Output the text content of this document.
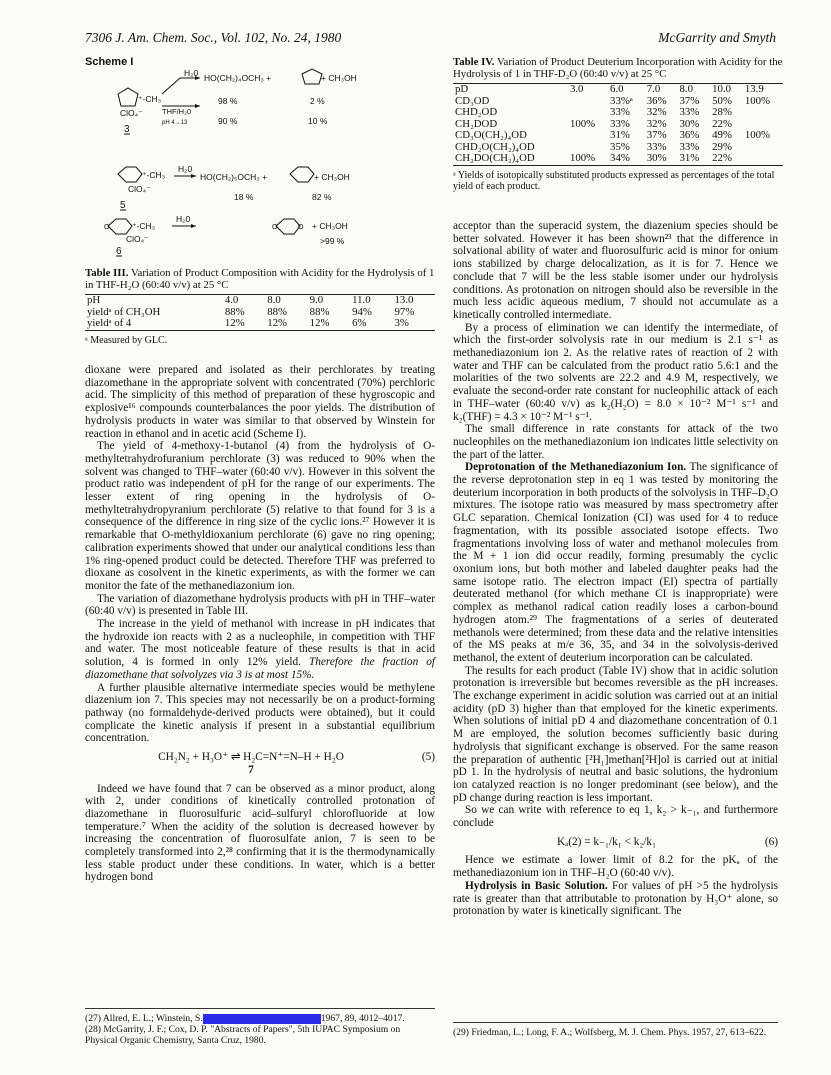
7306 J. Am. Chem. Soc., Vol. 102, No. 24, 1980	McGarrity and Smyth
Scheme I
⁺-CH₃
ClO₄⁻
3
H₂0 HO(CH₂)₄OCH₃ +	+ CH₃OH
THF/H₂0
pH 4→13
98 %	2 %
90 %	10 %
⁺-CH₃
ClO₄⁻
5
H₂0
HO(CH₂)₅OCH₃ +	+ CH₃OH
18 %	82 %
O	⁺-CH₃
ClO₄⁻
6
H₂0
O	O + CH₃OH
>99 %
Table III. Variation of Product Composition with Acidity for the Hydrolysis of 1 in THF-H₂O (60:40 v/v) at 25 °C
pH	4.0	8.0	9.0	11.0	13.0
yieldᵃ of CH₃OH	88%	88%	88%	94%	97%
yieldᵃ of 4	12%	12%	12%	6%	3%
ᵃ Measured by GLC.
Table IV. Variation of Product Deuterium Incorporation with Acidity for the Hydrolysis of 1 in THF-D₂O (60:40 v/v) at 25 °C
pD	3.0	6.0	7.0	8.0	10.0	13.9
CD₃OD		33%ᵃ	36%	37%	50%	100%
CHD₂OD		33%	32%	33%	28%	
CH₂DOD	100%	33%	32%	30%	22%	
CD₃O(CH₂)₄OD		31%	37%	36%	49%	100%
CHD₂O(CH₂)₄OD		35%	33%	33%	29%	
CH₂DO(CH₂)₄OD	100%	34%	30%	31%	22%	
ᵃ Yields of isotopically substituted products expressed as percentages of the total yield of each product.

dioxane were prepared and isolated as their perchlorates by treating diazomethane in the appropriate solvent with concentrated (70%) perchloric acid. The simplicity of this method of preparation of these hygroscopic and explosive¹⁶ compounds counterbalances the poor yields. The distribution of hydrolysis products in water was similar to that observed by Winstein for reaction in ethanol and in acetic acid (Scheme I).

The yield of 4-methoxy-1-butanol (4) from the hydrolysis of O-methyltetrahydrofuranium perchlorate (3) was reduced to 90% when the solvent was changed to THF–water (60:40 v/v). However in this solvent the product ratio was independent of pH for the range of our experiments. The lesser extent of ring opening in the hydrolysis of O-methyltetrahydropyranium perchlorate (5) relative to that found for 3 is a consequence of the difference in ring size of the cyclic ions.²⁷ However it is remarkable that O-methyldioxanium perchlorate (6) gave no ring opening; calibration experiments showed that under our analytical conditions less than 1% ring-opened product could be detected. Therefore THF was preferred to dioxane as cosolvent in the kinetic experiments, as with the former we can monitor the fate of the methanediazonium ion.

The variation of diazomethane hydrolysis products with pH in THF–water (60:40 v/v) is presented in Table III.

The increase in the yield of methanol with increase in pH indicates that the hydroxide ion reacts with 2 as a nucleophile, in competition with THF and water. The most noticeable feature of these results is that in acid solution, 4 is formed in only 12% yield. Therefore the fraction of diazomethane that solvolyzes via 3 is at most 15%.

A further plausible alternative intermediate species would be methylene diazenium ion 7. This species may not necessarily be on a product-forming pathway (no formaldehyde-derived products were obtained), but it could complicate the kinetic analysis if present in a substantial equilibrium concentration.

CH₂N₂ + H₃O⁺ ⇌ H₂C=N⁺=N–H + H₂O
7
(5)

Indeed we have found that 7 can be observed as a minor product, along with 2, under conditions of kinetically controlled protonation of diazomethane in fluorosulfuric acid–sulfuryl chlorofluoride at low temperature.⁷ When the acidity of the solution is decreased however by increasing the concentration of fluorosulfate anion, 7 is seen to be completely transformed into 2,²⁸ confirming that it is the thermodynamically less stable product under these conditions. In water, which is a better hydrogen bond

acceptor than the superacid system, the diazenium species should be better solvated. However it has been shown²³ that the difference in solvational ability of water and fluorosulfuric acid is minor for onium ions stabilized by charge delocalization, as it is for 7. Hence we conclude that 7 will be the less stable isomer under our hydrolysis conditions. As protonation on nitrogen should also be reversible in the much less acidic aqueous medium, 7 should not accumulate as a kinetically controlled intermediate.

By a process of elimination we can identify the intermediate, of which the first-order solvolysis rate in our medium is 2.1 s⁻¹ as methanediazonium ion 2. As the relative rates of reaction of 2 with water and THF can be calculated from the product ratio 5.6:1 and the molarities of the two solvents are 22.2 and 4.9 M, respectively, we evaluate the second-order rate constant for nucleophilic attack of each in THF–water (60:40 v/v) as k₂(H₂O) = 8.0 × 10⁻² M⁻¹ s⁻¹ and k₂(THF) = 4.3 × 10⁻² M⁻¹ s⁻¹.

The small difference in rate constants for attack of the two nucleophiles on the methanediazonium ion indicates little selectivity on the part of the latter.

Deprotonation of the Methanediazonium Ion. The significance of the reverse deprotonation step in eq 1 was tested by monitoring the deuterium incorporation in both products of the solvolysis in THF–D₂O mixtures. The isotope ratio was measured by mass spectrometry after GLC separation. Chemical Ionization (CI) was used for 4 to reduce fragmentation, with its possible associated isotope effects. Two fragmentations involving loss of water and methanol molecules from the M + 1 ion did occur readily, forming presumably the cyclic oxonium ions, but both mother and labeled daughter peaks had the same isotope ratio. The electron impact (EI) spectra of partially deuterated methanol (for which methane CI is inappropriate) were complex as methanol radical cation readily loses a carbon-bound hydrogen atom.²⁹ The fragmentations of a series of deuterated methanols were determined; from these data and the relative intensities of the MS peaks at m/e 36, 35, and 34 in the solvolysis-derived methanol, the extent of deuterium incorporation can be calculated.

The results for each product (Table IV) show that in acidic solution protonation is irreversible but becomes reversible as the pH increases. The exchange experiment in acidic solution was carried out at an initial acidity (pD 3) higher than that employed for the kinetic experiments. When solutions of initial pD 4 and diazomethane concentration of 0.1 M are employed, the solution becomes sufficiently basic during hydrolysis that significant exchange is observed. For the same reason the preparation of authentic [²H₁]methan[²H]ol is carried out at initial pD 1. In the hydrolysis of neutral and basic solutions, the hydronium ion catalyzed reaction is no longer predominant (see below), and the pD change during reaction is less important.

So we can write with reference to eq 1, k₂ > k₋₁, and furthermore conclude

Kₐ(2) = k₋₁/k₁ < k₂/k₁	(6)

Hence we estimate a lower limit of 8.2 for the pKₐ of the methanediazonium ion in THF–H₂O (60:40 v/v).

Hydrolysis in Basic Solution. For values of pH >5 the hydrolysis rate is greater than that attributable to protonation by H₃O⁺ alone, so protonation by water is kinetically significant. The

(27) Allred, E. L.; Winstein, S.	1967, 89, 4012–4017.
(28) McGarrity, J. F.; Cox, D. P. "Abstracts of Papers", 5th IUPAC Symposium on Physical Organic Chemistry, Santa Cruz, 1980.
(29) Friedman, L.; Long, F. A.; Wolfsberg, M. J. Chem. Phys. 1957, 27, 613–622.
